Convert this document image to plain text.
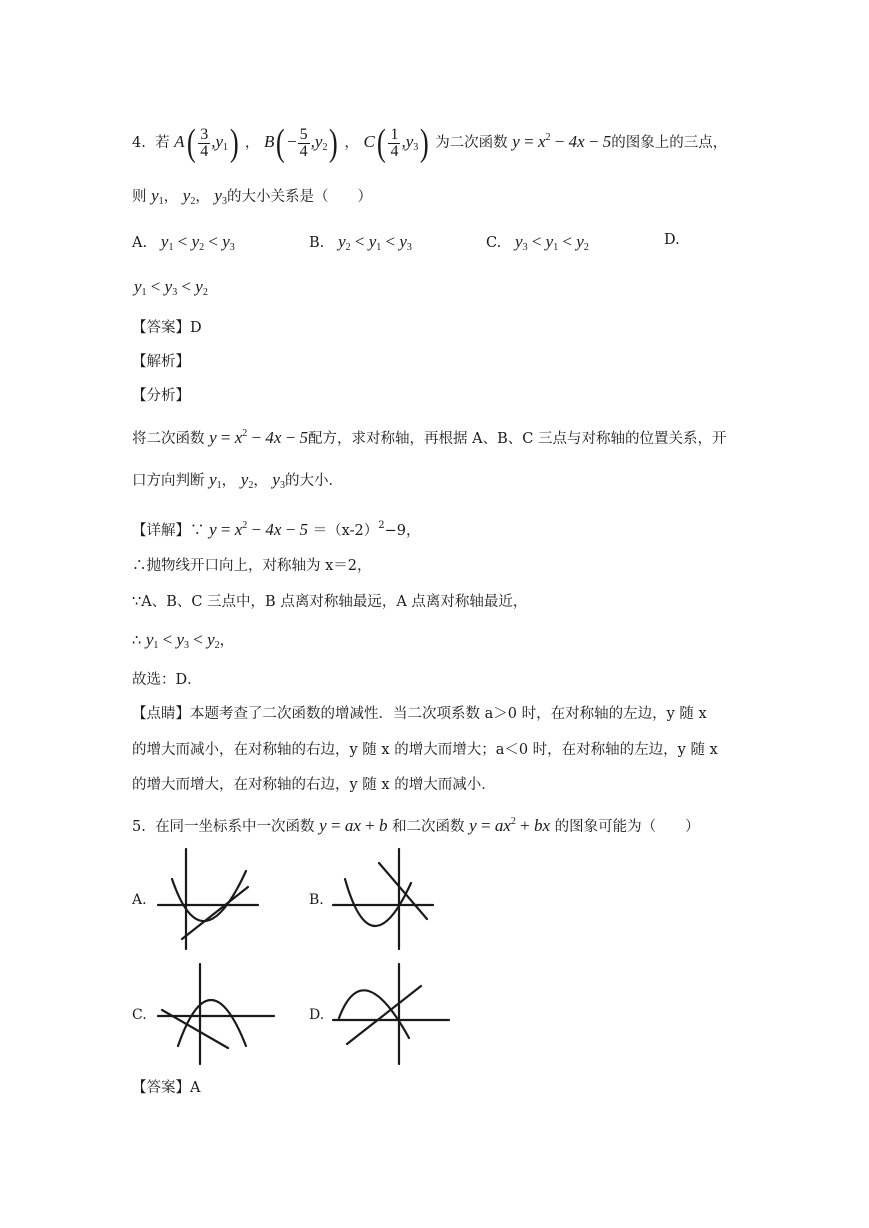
4. 若 $A( \frac{3}{4} ,y_1)$ ， $B( - \frac{5}{4} ,y_2)$ ， $C( \frac{1}{4} ,y_3)$ 为二次函数 $y = x^2 - 4x - 5$的图象上的三点，
则 $y_1$， $y_2$， $y_3$的大小关系是（　　）
A. $y_1 < y_2 < y_3$	B. $y_2 < y_1 < y_3$	C. $y_3 < y_1 < y_2$	D.
$y_1 < y_3 < y_2$
【答案】D
【解析】
【分析】
将二次函数 $y = x^2 - 4x - 5$配方，求对称轴，再根据 A、B、C 三点与对称轴的位置关系，开
口方向判断 $y_1$， $y_2$， $y_3$的大小．
【详解】∵ $y = x^2 - 4x - 5 =(x-2)^2-9$，
∴抛物线开口向上，对称轴为 x＝2，
∵A、B、C 三点中，B 点离对称轴最远，A 点离对称轴最近，
∴ $y_1 < y_3 < y_2$，
故选：D．
【点睛】本题考查了二次函数的增减性．当二次项系数 a＞0 时，在对称轴的左边，y 随 x
的增大而减小，在对称轴的右边，y 随 x 的增大而增大；a＜0 时，在对称轴的左边，y 随 x
的增大而增大，在对称轴的右边，y 随 x 的增大而减小．
5. 在同一坐标系中一次函数 y = ax + b 和二次函数 $y = ax^2$ + bx 的图象可能为（　　）
A.	B.
C.	D.
【答案】A
